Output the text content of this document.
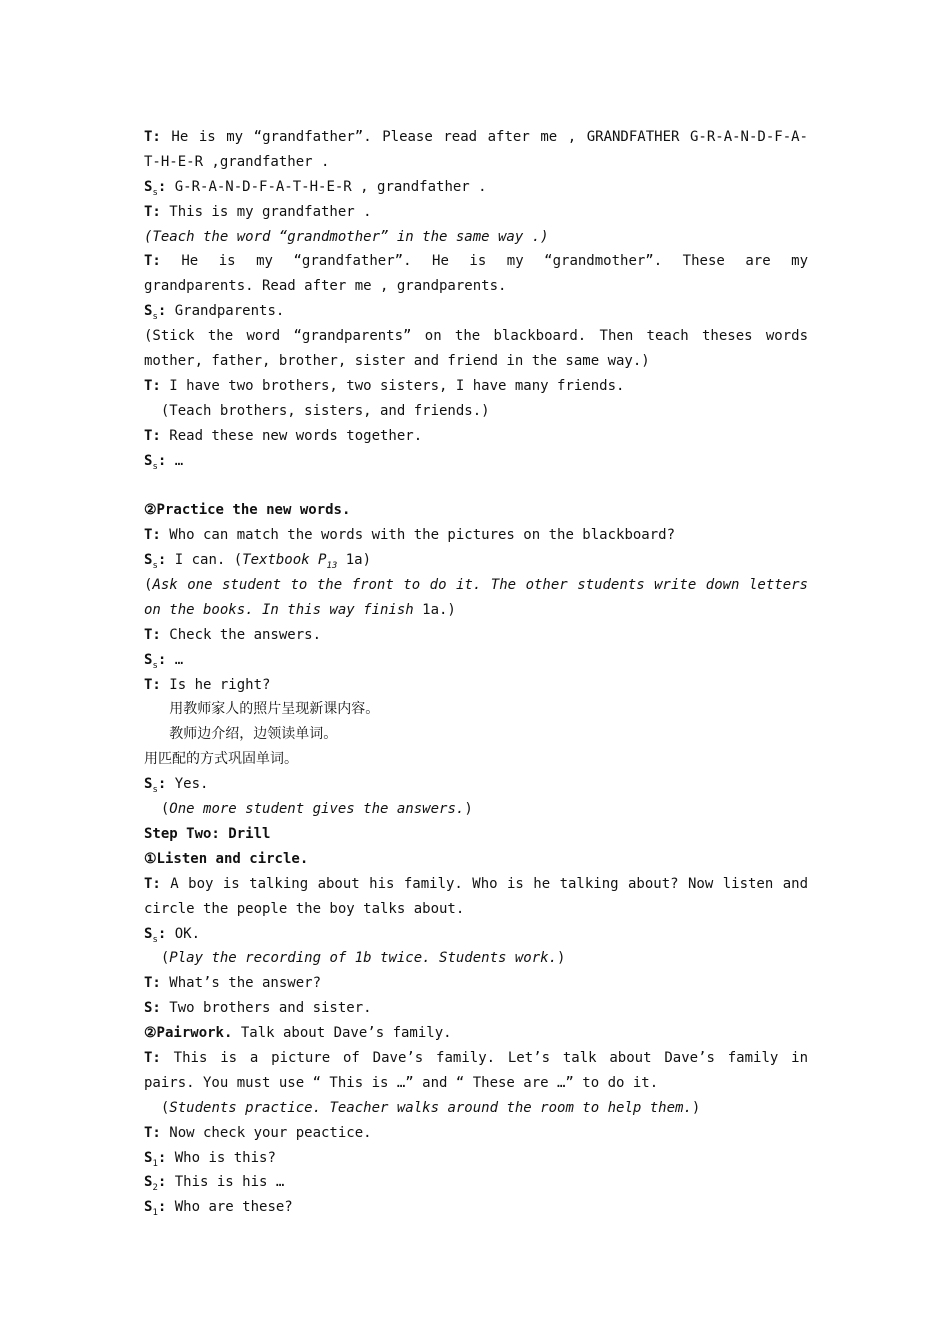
T: He is my “grandfather”. Please read after me , GRANDFATHER G-R-A-N-D-F-A-
T-H-E-R ,grandfather .
$S_s$: G-R-A-N-D-F-A-T-H-E-R , grandfather .
T: This is my grandfather .
(Teach the word “grandmother” in the same way .)
T: He is my “grandfather”. He is my “grandmother”. These are my
grandparents. Read after me , grandparents.
$S_s$: Grandparents.
(Stick the word “grandparents” on the blackboard. Then teach theses words
mother, father, brother, sister and friend in the same way.)
T: I have two brothers, two sisters, I have many friends.
(Teach brothers, sisters, and friends.)
T: Read these new words together.
$S_s$: …
②Practice the new words.
T: Who can match the words with the pictures on the blackboard?
$S_s$: I can. (Textbook $P_{13}$ 1a)
(Ask one student to the front to do it. The other students write down letters
on the books. In this way finish 1a.)
T: Check the answers.
$S_s$: …
T: Is he right?
用教师家人的照片呈现新课内容。
教师边介绍，边领读单词。
用匹配的方式巩固单词。
$S_s$: Yes.
(One more student gives the answers.)
Step Two: Drill
①Listen and circle.
T: A boy is talking about his family. Who is he talking about? Now listen and
circle the people the boy talks about.
$S_s$: OK.
(Play the recording of 1b twice. Students work.)
T: What’s the answer?
S: Two brothers and sister.
②Pairwork. Talk about Dave’s family.
T: This is a picture of Dave’s family. Let’s talk about Dave’s family in
pairs. You must use “ This is …” and “ These are …” to do it.
(Students practice. Teacher walks around the room to help them.)
T: Now check your peactice.
$S_1$: Who is this?
$S_2$: This is his …
$S_1$: Who are these?
